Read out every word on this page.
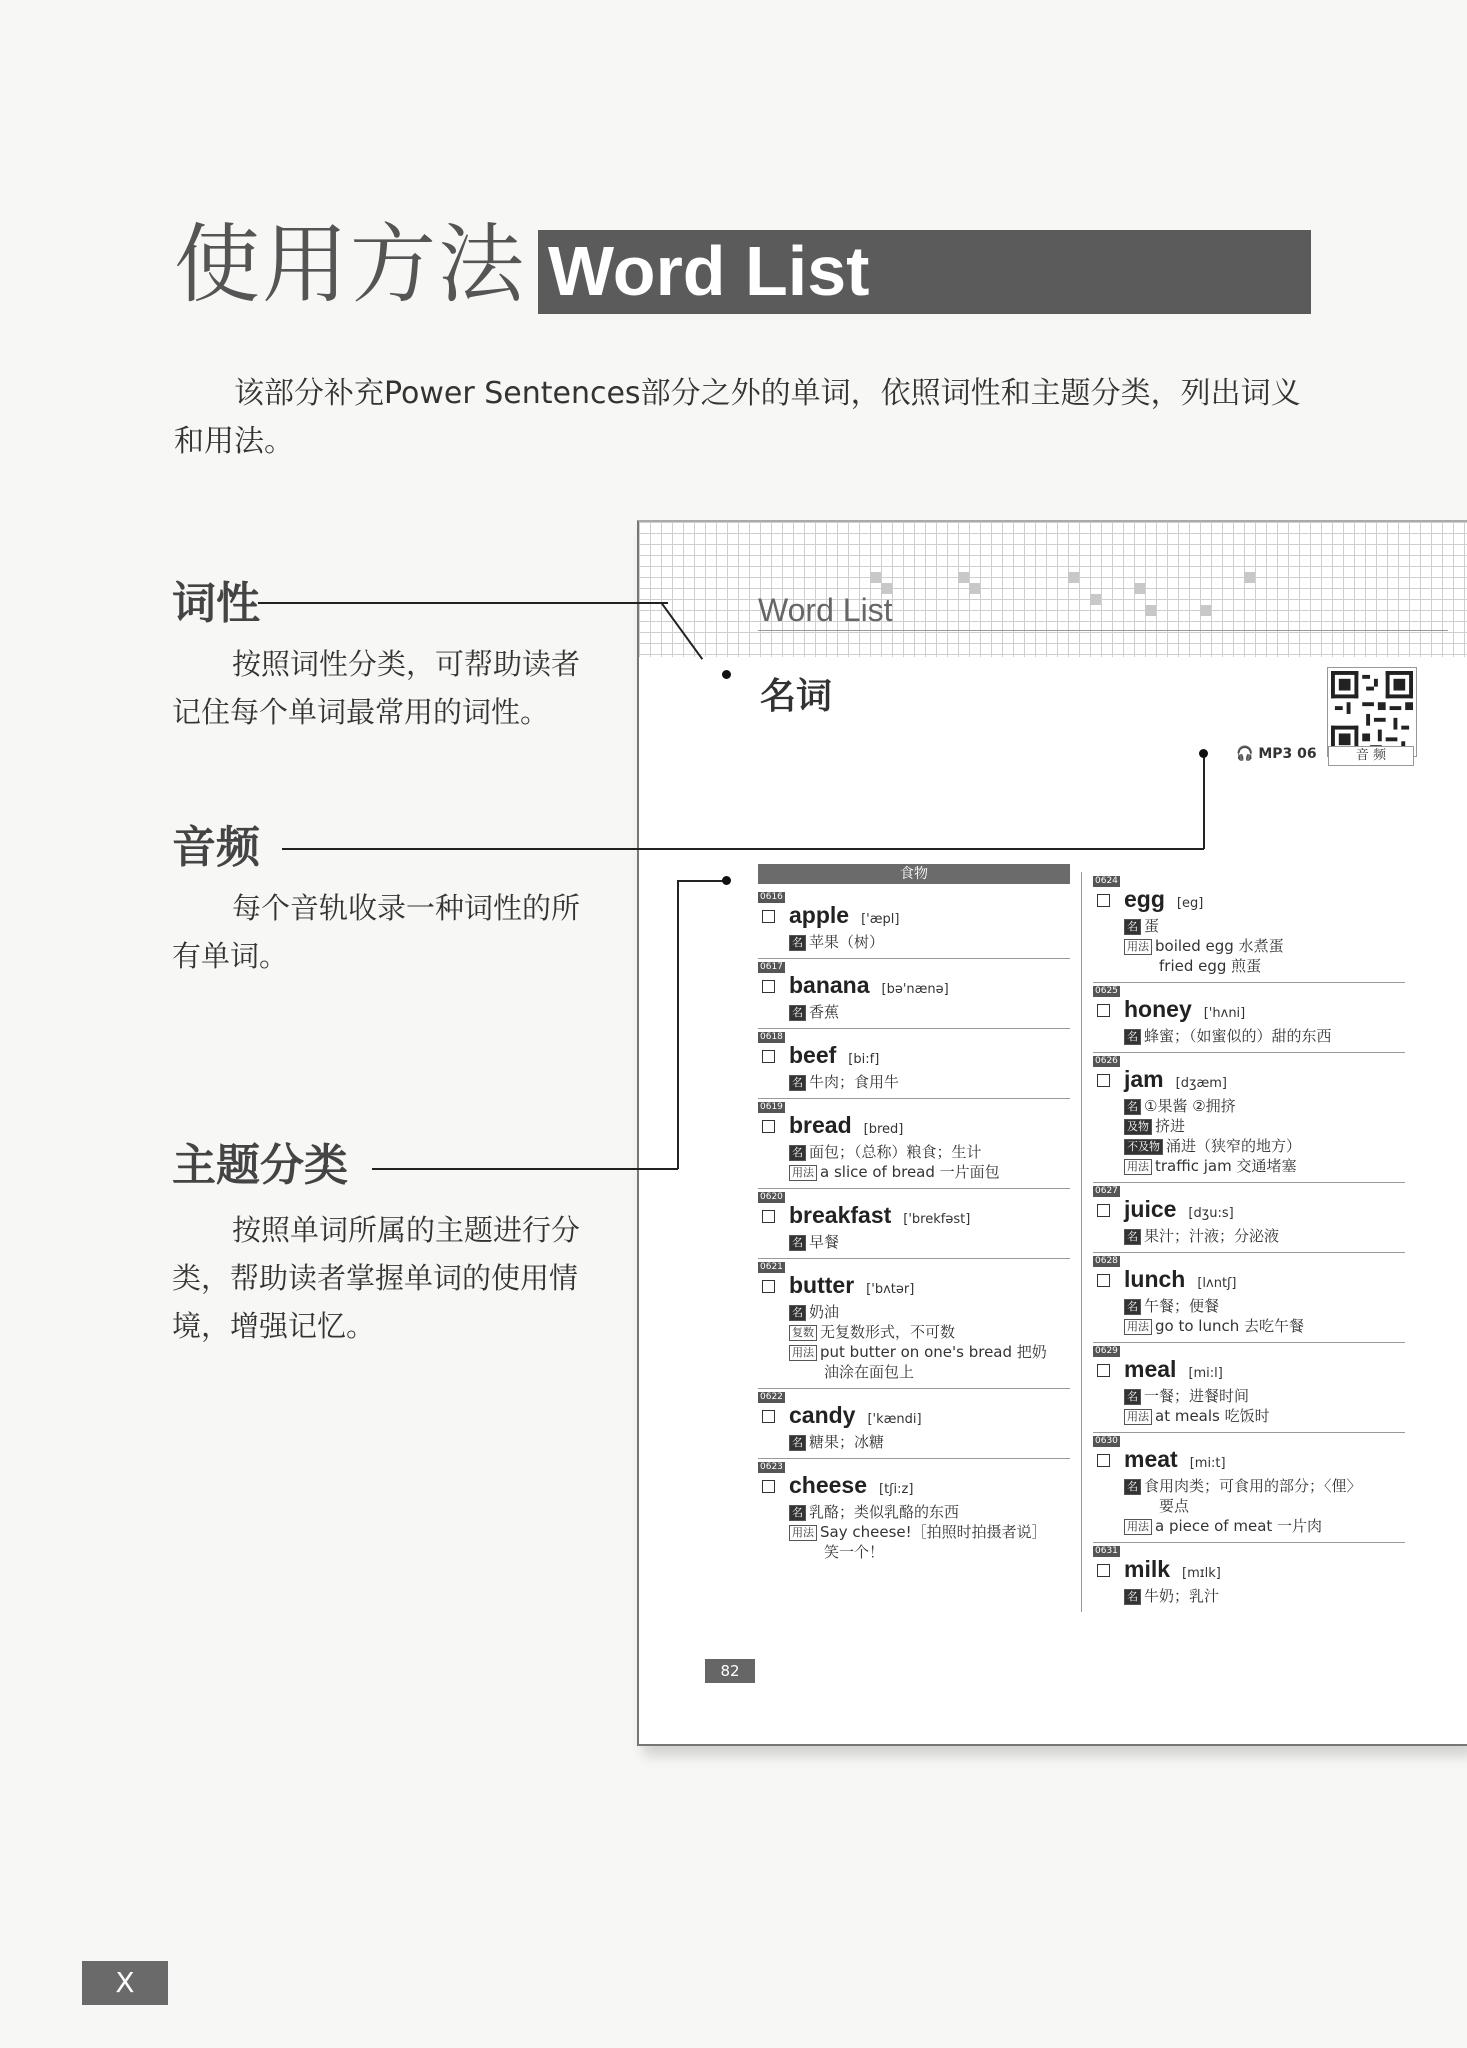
使用方法 Word List

该部分补充Power Sentences部分之外的单词，依照词性和主题分类，列出词义和用法。

词性

按照词性分类，可帮助读者记住每个单词最常用的词性。

音频

每个音轨收录一种词性的所有单词。

主题分类

按照单词所属的主题进行分类，帮助读者掌握单词的使用情境，增强记忆。

Word List
名词
音 频
🎧 MP3 06
食物
0616
apple ['æpl]
名 苹果（树）
0617
banana [bə'nænə]
名 香蕉
0618
beef [bi:f]
名 牛肉；食用牛
0619
bread [bred]
名 面包；（总称）粮食；生计
用法 a slice of bread 一片面包
0620
breakfast ['brekfəst]
名 早餐
0621
butter ['bʌtər]
名 奶油
复数 无复数形式，不可数
用法 put butter on one's bread 把奶
油涂在面包上
0622
candy ['kændi]
名 糖果；冰糖
0623
cheese [tʃi:z]
名 乳酪；类似乳酪的东西
用法 Say cheese!［拍照时拍摄者说］
笑一个！
0624
egg [eg]
名 蛋
用法 boiled egg 水煮蛋
fried egg 煎蛋
0625
honey ['hʌni]
名 蜂蜜；（如蜜似的）甜的东西
0626
jam [dʒæm]
名 ①果酱 ②拥挤
及物 挤进
不及物 涌进（狭窄的地方）
用法 traffic jam 交通堵塞
0627
juice [dʒu:s]
名 果汁；汁液；分泌液
0628
lunch [lʌntʃ]
名 午餐；便餐
用法 go to lunch 去吃午餐
0629
meal [mi:l]
名 一餐；进餐时间
用法 at meals 吃饭时
0630
meat [mi:t]
名 食用肉类；可食用的部分；〈俚〉
要点
用法 a piece of meat 一片肉
0631
milk [mɪlk]
名 牛奶；乳汁
82
X
